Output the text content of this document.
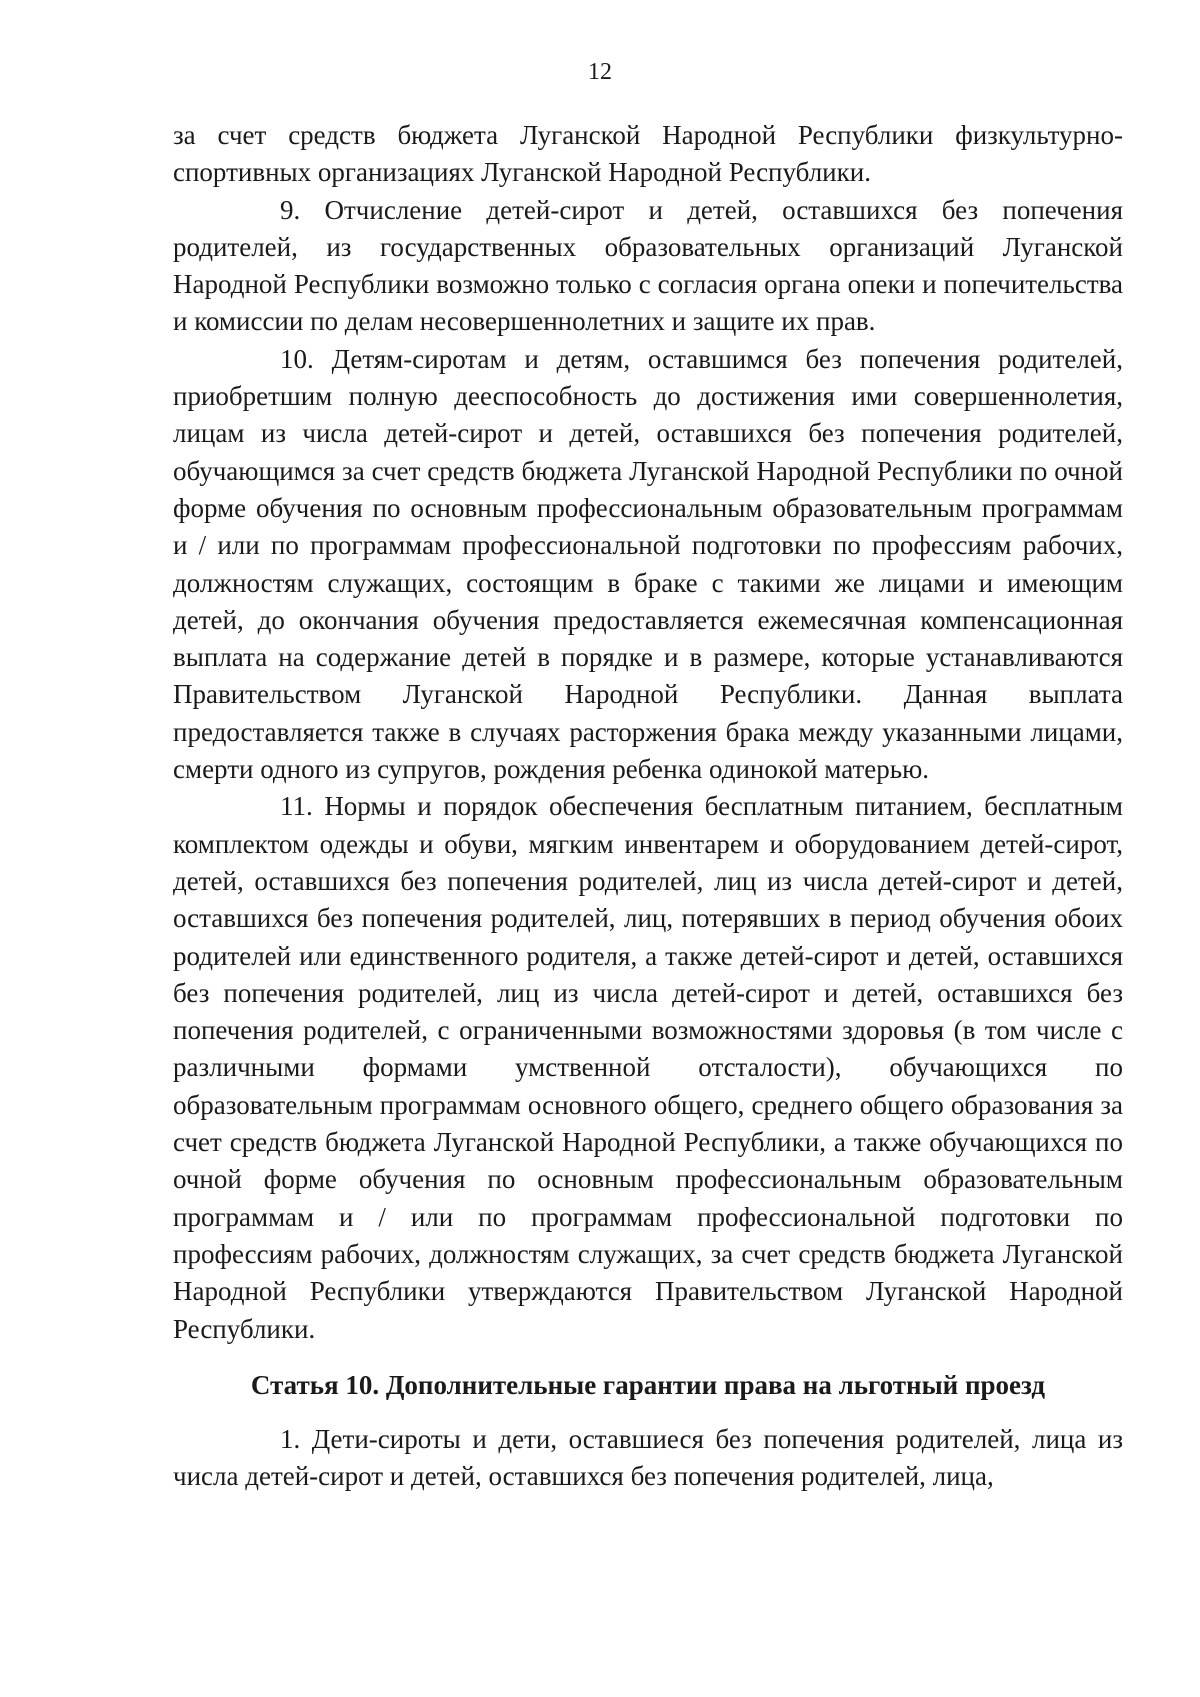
12

за счет средств бюджета Луганской Народной Республики физкультурно-спортивных организациях Луганской Народной Республики.

9. Отчисление детей-сирот и детей, оставшихся без попечения родителей, из государственных образовательных организаций Луганской Народной Республики возможно только с согласия органа опеки и попечительства и комиссии по делам несовершеннолетних и защите их прав.

10. Детям-сиротам и детям, оставшимся без попечения родителей, приобретшим полную дееспособность до достижения ими совершеннолетия, лицам из числа детей-сирот и детей, оставшихся без попечения родителей, обучающимся за счет средств бюджета Луганской Народной Республики по очной форме обучения по основным профессиональным образовательным программам и / или по программам профессиональной подготовки по профессиям рабочих, должностям служащих, состоящим в браке с такими же лицами и имеющим детей, до окончания обучения предоставляется ежемесячная компенсационная выплата на содержание детей в порядке и в размере, которые устанавливаются Правительством Луганской Народной Республики. Данная выплата предоставляется также в случаях расторжения брака между указанными лицами, смерти одного из супругов, рождения ребенка одинокой матерью.

11. Нормы и порядок обеспечения бесплатным питанием, бесплатным комплектом одежды и обуви, мягким инвентарем и оборудованием детей-сирот, детей, оставшихся без попечения родителей, лиц из числа детей-сирот и детей, оставшихся без попечения родителей, лиц, потерявших в период обучения обоих родителей или единственного родителя, а также детей-сирот и детей, оставшихся без попечения родителей, лиц из числа детей-сирот и детей, оставшихся без попечения родителей, с ограниченными возможностями здоровья (в том числе с различными формами умственной отсталости), обучающихся по образовательным программам основного общего, среднего общего образования за счет средств бюджета Луганской Народной Республики, а также обучающихся по очной форме обучения по основным профессиональным образовательным программам и / или по программам профессиональной подготовки по профессиям рабочих, должностям служащих, за счет средств бюджета Луганской Народной Республики утверждаются Правительством Луганской Народной Республики.

Статья 10. Дополнительные гарантии права на льготный проезд

1. Дети-сироты и дети, оставшиеся без попечения родителей, лица из числа детей-сирот и детей, оставшихся без попечения родителей, лица,
